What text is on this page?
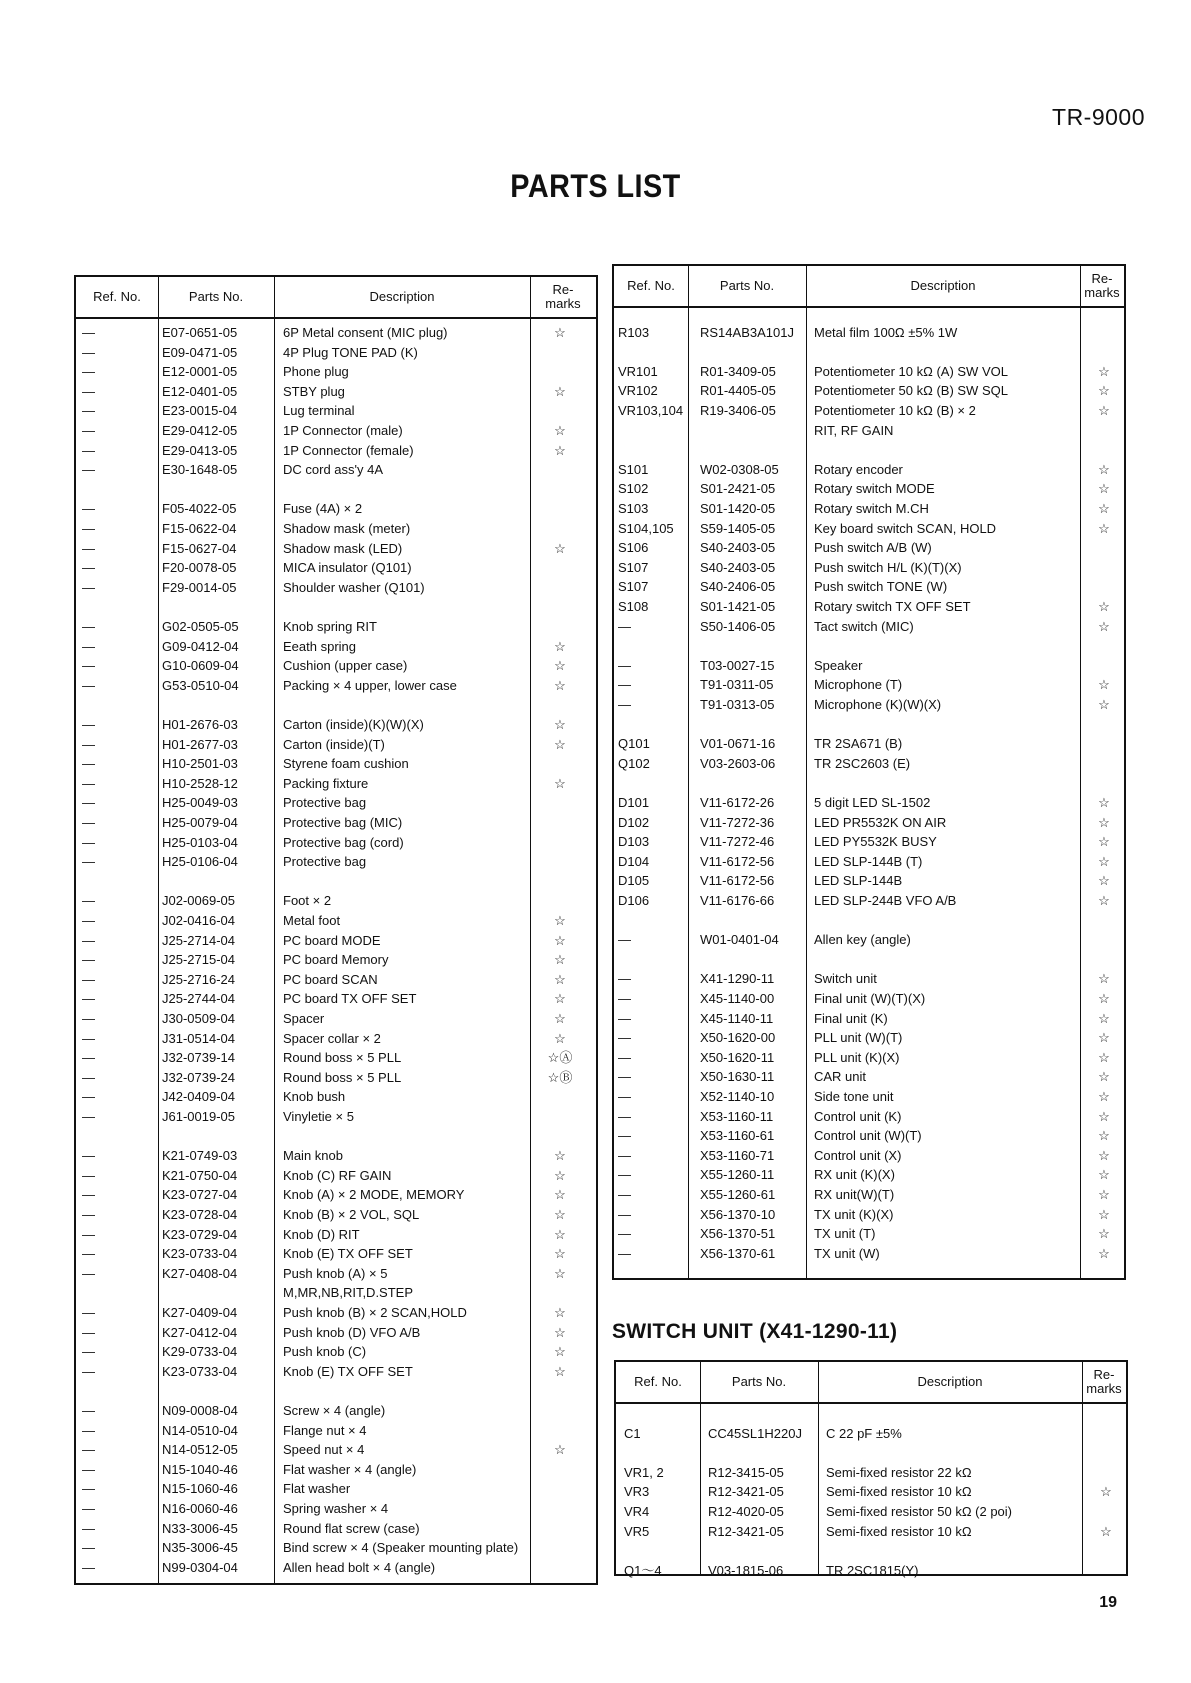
TR-9000
PARTS LIST
Ref. No.	Parts No.	Description	Re-
marks
—	E07-0651-05	6P Metal consent (MIC plug)	☆
—	E09-0471-05	4P Plug TONE PAD (K)
—	E12-0001-05	Phone plug
—	E12-0401-05	STBY plug	☆
—	E23-0015-04	Lug terminal
—	E29-0412-05	1P Connector (male)	☆
—	E29-0413-05	1P Connector (female)	☆
—	E30-1648-05	DC cord ass'y 4A
—	F05-4022-05	Fuse (4A) × 2
—	F15-0622-04	Shadow mask (meter)
—	F15-0627-04	Shadow mask (LED)	☆
—	F20-0078-05	MICA insulator (Q101)
—	F29-0014-05	Shoulder washer (Q101)
—	G02-0505-05	Knob spring RIT
—	G09-0412-04	Eeath spring	☆
—	G10-0609-04	Cushion (upper case)	☆
—	G53-0510-04	Packing × 4 upper, lower case	☆
—	H01-2676-03	Carton (inside)(K)(W)(X)	☆
—	H01-2677-03	Carton (inside)(T)	☆
—	H10-2501-03	Styrene foam cushion
—	H10-2528-12	Packing fixture	☆
—	H25-0049-03	Protective bag
—	H25-0079-04	Protective bag (MIC)
—	H25-0103-04	Protective bag (cord)
—	H25-0106-04	Protective bag
—	J02-0069-05	Foot × 2
—	J02-0416-04	Metal foot	☆
—	J25-2714-04	PC board MODE	☆
—	J25-2715-04	PC board Memory	☆
—	J25-2716-24	PC board SCAN	☆
—	J25-2744-04	PC board TX OFF SET	☆
—	J30-0509-04	Spacer	☆
—	J31-0514-04	Spacer collar × 2	☆
—	J32-0739-14	Round boss × 5 PLL	☆Ⓐ
—	J32-0739-24	Round boss × 5 PLL	☆Ⓑ
—	J42-0409-04	Knob bush
—	J61-0019-05	Vinyletie × 5
—	K21-0749-03	Main knob	☆
—	K21-0750-04	Knob (C) RF GAIN	☆
—	K23-0727-04	Knob (A) × 2 MODE, MEMORY	☆
—	K23-0728-04	Knob (B) × 2 VOL, SQL	☆
—	K23-0729-04	Knob (D) RIT	☆
—	K23-0733-04	Knob (E) TX OFF SET	☆
—	K27-0408-04	Push knob (A) × 5	☆
M,MR,NB,RIT,D.STEP
—	K27-0409-04	Push knob (B) × 2 SCAN,HOLD	☆
—	K27-0412-04	Push knob (D) VFO A/B	☆
—	K29-0733-04	Push knob (C)	☆
—	K23-0733-04	Knob (E) TX OFF SET	☆
—	N09-0008-04	Screw × 4 (angle)
—	N14-0510-04	Flange nut × 4
—	N14-0512-05	Speed nut × 4	☆
—	N15-1040-46	Flat washer × 4 (angle)
—	N15-1060-46	Flat washer
—	N16-0060-46	Spring washer × 4
—	N33-3006-45	Round flat screw (case)
—	N35-3006-45	Bind screw × 4 (Speaker mounting plate)
—	N99-0304-04	Allen head bolt × 4 (angle)
Ref. No.	Parts No.	Description	Re-
marks
R103	RS14AB3A101J Metal film 100Ω ±5% 1W
VR101	R01-3409-05	Potentiometer 10 kΩ (A) SW VOL	☆
VR102	R01-4405-05	Potentiometer 50 kΩ (B) SW SQL	☆
VR103,104 R19-3406-05	Potentiometer 10 kΩ (B) × 2	☆
RIT, RF GAIN
S101	W02-0308-05	Rotary encoder	☆
S102	S01-2421-05	Rotary switch MODE	☆
S103	S01-1420-05	Rotary switch M.CH	☆
S104,105 S59-1405-05	Key board switch SCAN, HOLD	☆
S106	S40-2403-05	Push switch A/B (W)
S107	S40-2403-05	Push switch H/L (K)(T)(X)
S107	S40-2406-05	Push switch TONE (W)
S108	S01-1421-05	Rotary switch TX OFF SET	☆
—	S50-1406-05	Tact switch (MIC)	☆
—	T03-0027-15	Speaker
—	T91-0311-05	Microphone (T)	☆
—	T91-0313-05	Microphone (K)(W)(X)	☆
Q101	V01-0671-16	TR 2SA671 (B)
Q102	V03-2603-06	TR 2SC2603 (E)
D101	V11-6172-26	5 digit LED SL-1502	☆
D102	V11-7272-36	LED PR5532K ON AIR	☆
D103	V11-7272-46	LED PY5532K BUSY	☆
D104	V11-6172-56	LED SLP-144B (T)	☆
D105	V11-6172-56	LED SLP-144B	☆
D106	V11-6176-66	LED SLP-244B VFO A/B	☆
—	W01-0401-04	Allen key (angle)
—	X41-1290-11	Switch unit	☆
—	X45-1140-00	Final unit (W)(T)(X)	☆
—	X45-1140-11	Final unit (K)	☆
—	X50-1620-00	PLL unit (W)(T)	☆
—	X50-1620-11	PLL unit (K)(X)	☆
—	X50-1630-11	CAR unit	☆
—	X52-1140-10	Side tone unit	☆
—	X53-1160-11	Control unit (K)	☆
—	X53-1160-61	Control unit (W)(T)	☆
—	X53-1160-71	Control unit (X)	☆
—	X55-1260-11	RX unit (K)(X)	☆
—	X55-1260-61	RX unit(W)(T)	☆
—	X56-1370-10	TX unit (K)(X)	☆
—	X56-1370-51	TX unit (T)	☆
—	X56-1370-61	TX unit (W)	☆
SWITCH UNIT (X41-1290-11)
Ref. No.	Parts No.	Description	Re-
marks
C1	CC45SL1H220J C 22 pF ±5%
VR1, 2	R12-3415-05	Semi-fixed resistor 22 kΩ
VR3	R12-3421-05	Semi-fixed resistor 10 kΩ	☆
VR4	R12-4020-05	Semi-fixed resistor 50 kΩ (2 poi)
VR5	R12-3421-05	Semi-fixed resistor 10 kΩ	☆
Q1～4	V03-1815-06	TR 2SC1815(Y)
19
